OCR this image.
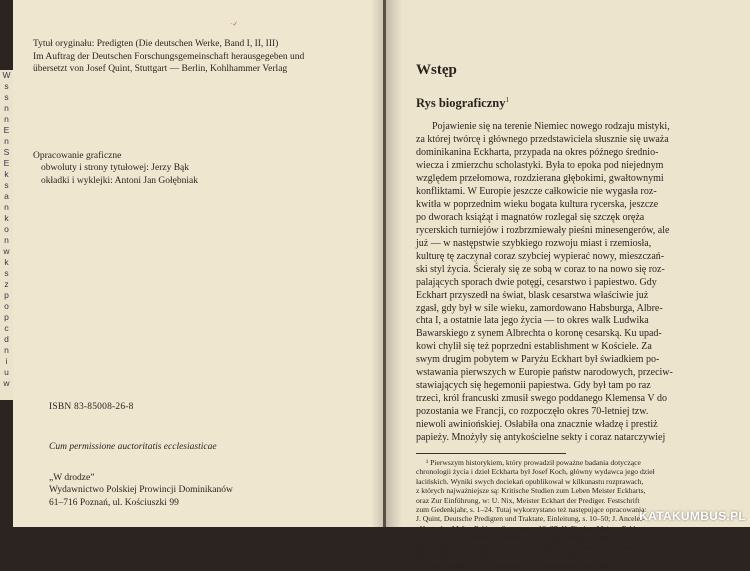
W
s
s
n
n
E
n
S
E
k
s
a
n
k
o
n
w
k
s
z
p
o
p
c
d
n
i
u
w
·✓
Tytuł oryginału: Predigten (Die deutschen Werke, Band I, II, III)
Im Auftrag der Deutschen Forschungsgemeinschaft herausgegeben und
übersetzt von Josef Quint, Stuttgart — Berlin, Kohlhammer Verlag
Opracowanie graficzne
obwoluty i strony tytułowej: Jerzy Bąk
okładki i wyklejki: Antoni Jan Gołębniak
ISBN 83-85008-26-8
Cum permissione auctoritatis ecclesiasticae
„W drodze”
Wydawnictwo Polskiej Prowincji Dominikanów
61–716 Poznań, ul. Kościuszki 99
Wstęp
Rys biograficzny$^1$
Pojawienie się na terenie Niemiec nowego rodzaju mistyki,
za której twórcę i głównego przedstawiciela słusznie się uważa
dominikanina Eckharta, przypada na okres późnego średnio-
wiecza i zmierzchu scholastyki. Była to epoka pod niejednym
względem przełomowa, rozdzierana głębokimi, gwałtownymi
konfliktami. W Europie jeszcze całkowicie nie wygasła roz-
kwitła w poprzednim wieku bogata kultura rycerska, jeszcze
po dworach książąt i magnatów rozlegał się szczęk oręża
rycerskich turniejów i rozbrzmiewały pieśni minesengerów, ale
już — w następstwie szybkiego rozwoju miast i rzemiosła,
kulturę tę zaczynał coraz szybciej wypierać nowy, mieszczań-
ski styl życia. Ścierały się ze sobą w coraz to na nowo się roz-
palających sporach dwie potęgi, cesarstwo i papiestwo. Gdy
Eckhart przyszedł na świat, blask cesarstwa właściwie już
zgasł, gdy był w sile wieku, zamordowano Habsburga, Albre-
chta I, a ostatnie lata jego życia — to okres walk Ludwika
Bawarskiego z synem Albrechta o koronę cesarską. Ku upad-
kowi chylił się też poprzedni establishment w Kościele. Za
swym drugim pobytem w Paryżu Eckhart był świadkiem po-
wstawania pierwszych w Europie państw narodowych, przeciw-
stawiających się hegemonii papiestwa. Gdy był tam po raz
trzeci, król francuski zmusił swego poddanego Klemensa V do
pozostania we Francji, co rozpoczęło okres 70-letniej tzw.
niewoli awiniońskiej. Osłabiła ona znacznie władzę i prestiż
papieży. Mnożyły się antykościelne sekty i coraz natarczywiej
¹ Pierwszym historykiem, który prowadził poważne badania dotyczące
chronologii życia i dzieł Eckharta był Josef Koch, główny wydawca jego dzieł
łacińskich. Wyniki swych dociekań opublikował w kilkunastu rozprawach,
z których najważniejsze są: Kritische Studien zum Leben Meister Eckharts,
oraz Zur Einführung, w: U. Nix, Meister Eckhart der Prediger. Festschrift
zum Gedenkjahr, s. 1–24. Tutaj wykorzystano też następujące opracowania:
J. Quint, Deutsche Predigten und Traktate, Einleitung, s. 10–50; J. Ancelet-
–Hustache, Maître Eckhart, Sermons, s. 12–37; H. Fischer, Meister Eckhart,
s. 11–23; K. Ruh, Meister Eckhart — Theologe, Prediger, Mystiker. Ta osta-
tnia książka, owoc wieloletnich badań profesora würzburskiego uniwersytetu,
jako zadanie szczegółnie stawia sobie ukazanie intelektualnej ewolucji
Eckharta opartej na zarysowującej się już chronologii jego dzieł.
KATAKUMBUS.PL
